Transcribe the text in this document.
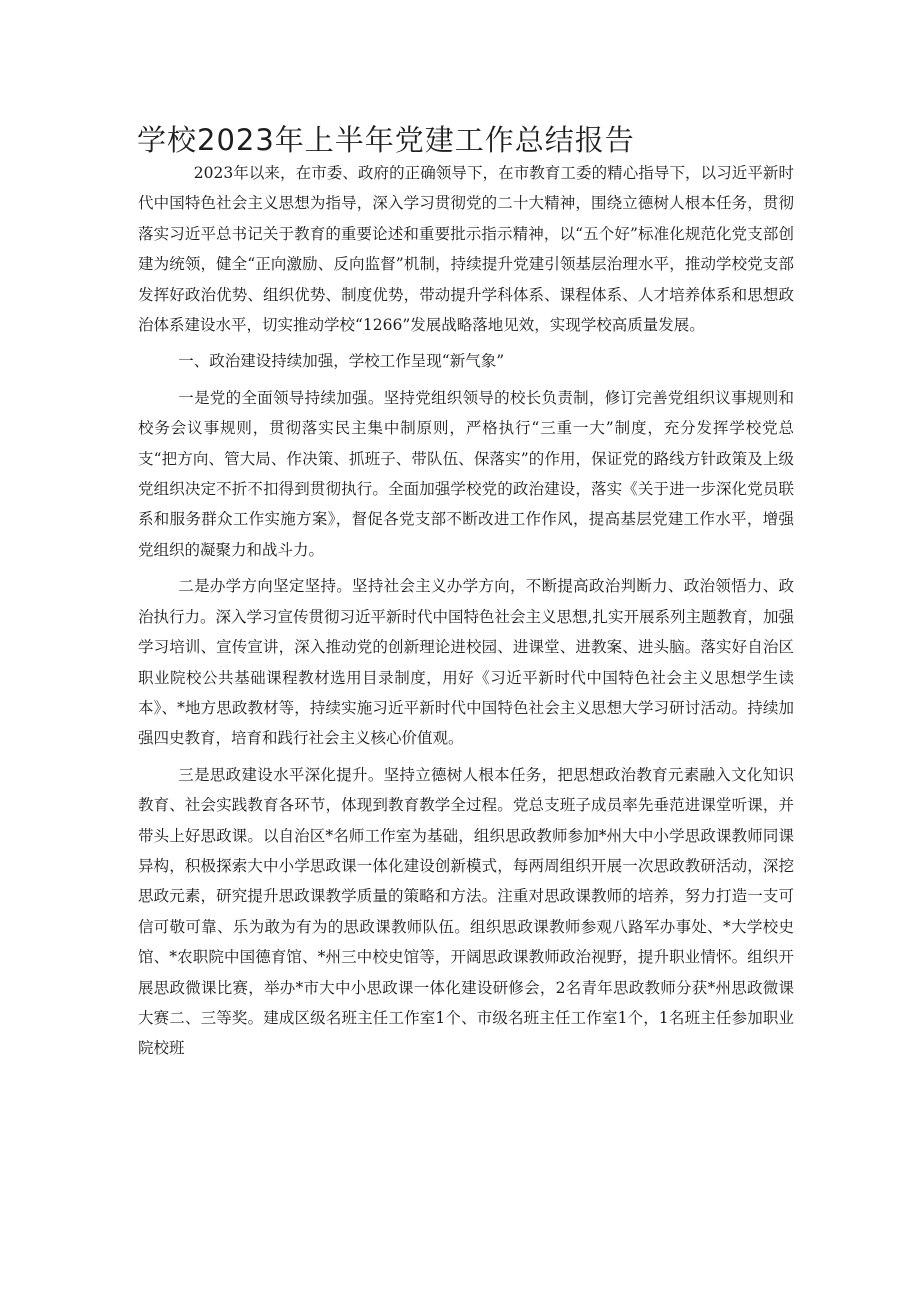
学校2023年上半年党建工作总结报告

2023年以来，在市委、政府的正确领导下，在市教育工委的精心指导下，以习近平新时代中国特色社会主义思想为指导，深入学习贯彻党的二十大精神，围绕立德树人根本任务，贯彻落实习近平总书记关于教育的重要论述和重要批示指示精神，以“五个好”标准化规范化党支部创建为统领，健全“正向激励、反向监督”机制，持续提升党建引领基层治理水平，推动学校党支部发挥好政治优势、组织优势、制度优势，带动提升学科体系、课程体系、人才培养体系和思想政治体系建设水平，切实推动学校“1266”发展战略落地见效，实现学校高质量发展。

一、政治建设持续加强，学校工作呈现“新气象”

一是党的全面领导持续加强。坚持党组织领导的校长负责制，修订完善党组织议事规则和校务会议事规则，贯彻落实民主集中制原则，严格执行“三重一大”制度，充分发挥学校党总支“把方向、管大局、作决策、抓班子、带队伍、保落实”的作用，保证党的路线方针政策及上级党组织决定不折不扣得到贯彻执行。全面加强学校党的政治建设，落实《关于进一步深化党员联系和服务群众工作实施方案》，督促各党支部不断改进工作作风，提高基层党建工作水平，增强党组织的凝聚力和战斗力。

二是办学方向坚定坚持。坚持社会主义办学方向，不断提高政治判断力、政治领悟力、政治执行力。深入学习宣传贯彻习近平新时代中国特色社会主义思想,扎实开展系列主题教育，加强学习培训、宣传宣讲，深入推动党的创新理论进校园、进课堂、进教案、进头脑。落实好自治区职业院校公共基础课程教材选用目录制度，用好《习近平新时代中国特色社会主义思想学生读本》、*地方思政教材等，持续实施习近平新时代中国特色社会主义思想大学习研讨活动。持续加强四史教育，培育和践行社会主义核心价值观。

三是思政建设水平深化提升。坚持立德树人根本任务，把思想政治教育元素融入文化知识教育、社会实践教育各环节，体现到教育教学全过程。党总支班子成员率先垂范进课堂听课，并带头上好思政课。以自治区*名师工作室为基础，组织思政教师参加*州大中小学思政课教师同课异构，积极探索大中小学思政课一体化建设创新模式，每两周组织开展一次思政教研活动，深挖思政元素，研究提升思政课教学质量的策略和方法。注重对思政课教师的培养，努力打造一支可信可敬可靠、乐为敢为有为的思政课教师队伍。组织思政课教师参观八路军办事处、*大学校史馆、*农职院中国德育馆、*州三中校史馆等，开阔思政课教师政治视野，提升职业情怀。组织开展思政微课比赛，举办*市大中小思政课一体化建设研修会，2名青年思政教师分获*州思政微课大赛二、三等奖。建成区级名班主任工作室1个、市级名班主任工作室1个，1名班主任参加职业院校班
